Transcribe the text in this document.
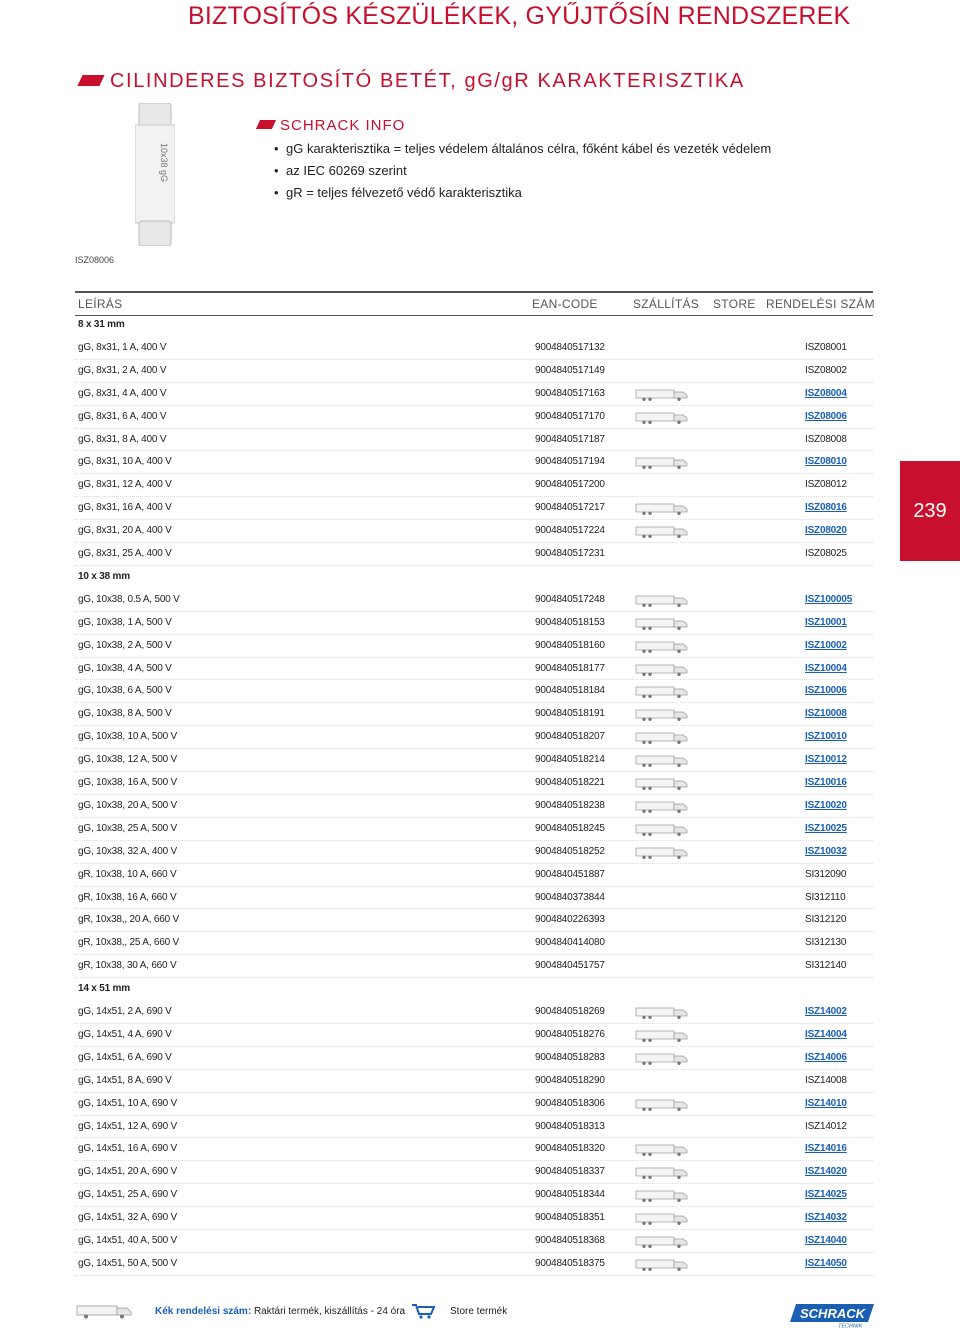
BIZTOSÍTÓS KÉSZÜLÉKEK, GYŰJTŐSÍN RENDSZEREK
CILINDERES BIZTOSÍTÓ BETÉT, gG/gR KARAKTERISZTIKA
10x38 gG
ISZ08006
SCHRACK INFO
• gG karakterisztika = teljes védelem általános célra, főként kábel és vezeték védelem
• az IEC 60269 szerint
• gR = teljes félvezető védő karakterisztika
LEÍRÁS	EAN-CODE	SZÁLLÍTÁS STORE RENDELÉSI SZÁM
8 x 31 mm
gG, 8x31, 1 A, 400 V	9004840517132	ISZ08001
gG, 8x31, 2 A, 400 V	9004840517149	ISZ08002
gG, 8x31, 4 A, 400 V	9004840517163	ISZ08004
gG, 8x31, 6 A, 400 V	9004840517170	ISZ08006
gG, 8x31, 8 A, 400 V	9004840517187	ISZ08008
gG, 8x31, 10 A, 400 V	9004840517194	ISZ08010
gG, 8x31, 12 A, 400 V	9004840517200	ISZ08012
gG, 8x31, 16 A, 400 V	9004840517217	ISZ08016
gG, 8x31, 20 A, 400 V	9004840517224	ISZ08020
gG, 8x31, 25 A, 400 V	9004840517231	ISZ08025
10 x 38 mm
gG, 10x38, 0.5 A, 500 V	9004840517248	ISZ100005
gG, 10x38, 1 A, 500 V	9004840518153	ISZ10001
gG, 10x38, 2 A, 500 V	9004840518160	ISZ10002
gG, 10x38, 4 A, 500 V	9004840518177	ISZ10004
gG, 10x38, 6 A, 500 V	9004840518184	ISZ10006
gG, 10x38, 8 A, 500 V	9004840518191	ISZ10008
gG, 10x38, 10 A, 500 V	9004840518207	ISZ10010
gG, 10x38, 12 A, 500 V	9004840518214	ISZ10012
gG, 10x38, 16 A, 500 V	9004840518221	ISZ10016
gG, 10x38, 20 A, 500 V	9004840518238	ISZ10020
gG, 10x38, 25 A, 500 V	9004840518245	ISZ10025
gG, 10x38, 32 A, 400 V	9004840518252	ISZ10032
gR, 10x38, 10 A, 660 V	9004840451887	SI312090
gR, 10x38, 16 A, 660 V	9004840373844	SI312110
gR, 10x38,, 20 A, 660 V	9004840226393	SI312120
gR, 10x38,, 25 A, 660 V	9004840414080	SI312130
gR, 10x38, 30 A, 660 V	9004840451757	SI312140
14 x 51 mm
gG, 14x51, 2 A, 690 V	9004840518269	ISZ14002
gG, 14x51, 4 A, 690 V	9004840518276	ISZ14004
gG, 14x51, 6 A, 690 V	9004840518283	ISZ14006
gG, 14x51, 8 A, 690 V	9004840518290	ISZ14008
gG, 14x51, 10 A, 690 V	9004840518306	ISZ14010
gG, 14x51, 12 A, 690 V	9004840518313	ISZ14012
gG, 14x51, 16 A, 690 V	9004840518320	ISZ14016
gG, 14x51, 20 A, 690 V	9004840518337	ISZ14020
gG, 14x51, 25 A, 690 V	9004840518344	ISZ14025
gG, 14x51, 32 A, 690 V	9004840518351	ISZ14032
gG, 14x51, 40 A, 500 V	9004840518368	ISZ14040
gG, 14x51, 50 A, 500 V	9004840518375	ISZ14050
239
Kék rendelési szám: Raktári termék, kiszállítás - 24 óra	Store termék	SCHRACK
TECHNIK
